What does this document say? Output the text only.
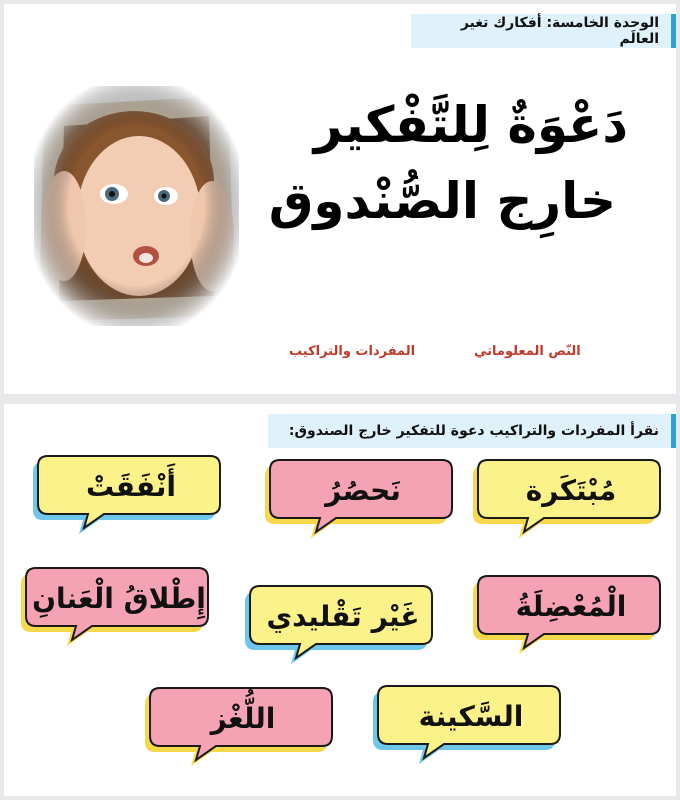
الوحدة الخامسة: أفكارك تغير العالَم
دَعْوَةٌ لِلتَّفْكير
خارِج الصُّنْدوق
النّص المعلوماتي
المفردات والتراكيب
نقرأ المفردات والتراكيب دعوة للتفكير خارج الصندوق:
مُبْتَكَرة
نَحصُرُ
أَنْفَقَتْ
الْمُعْضِلَةُ
غَيْر تَقْليدي
إِطْلاقُ الْعَنانِ
السَّكينة
اللُّغْز
